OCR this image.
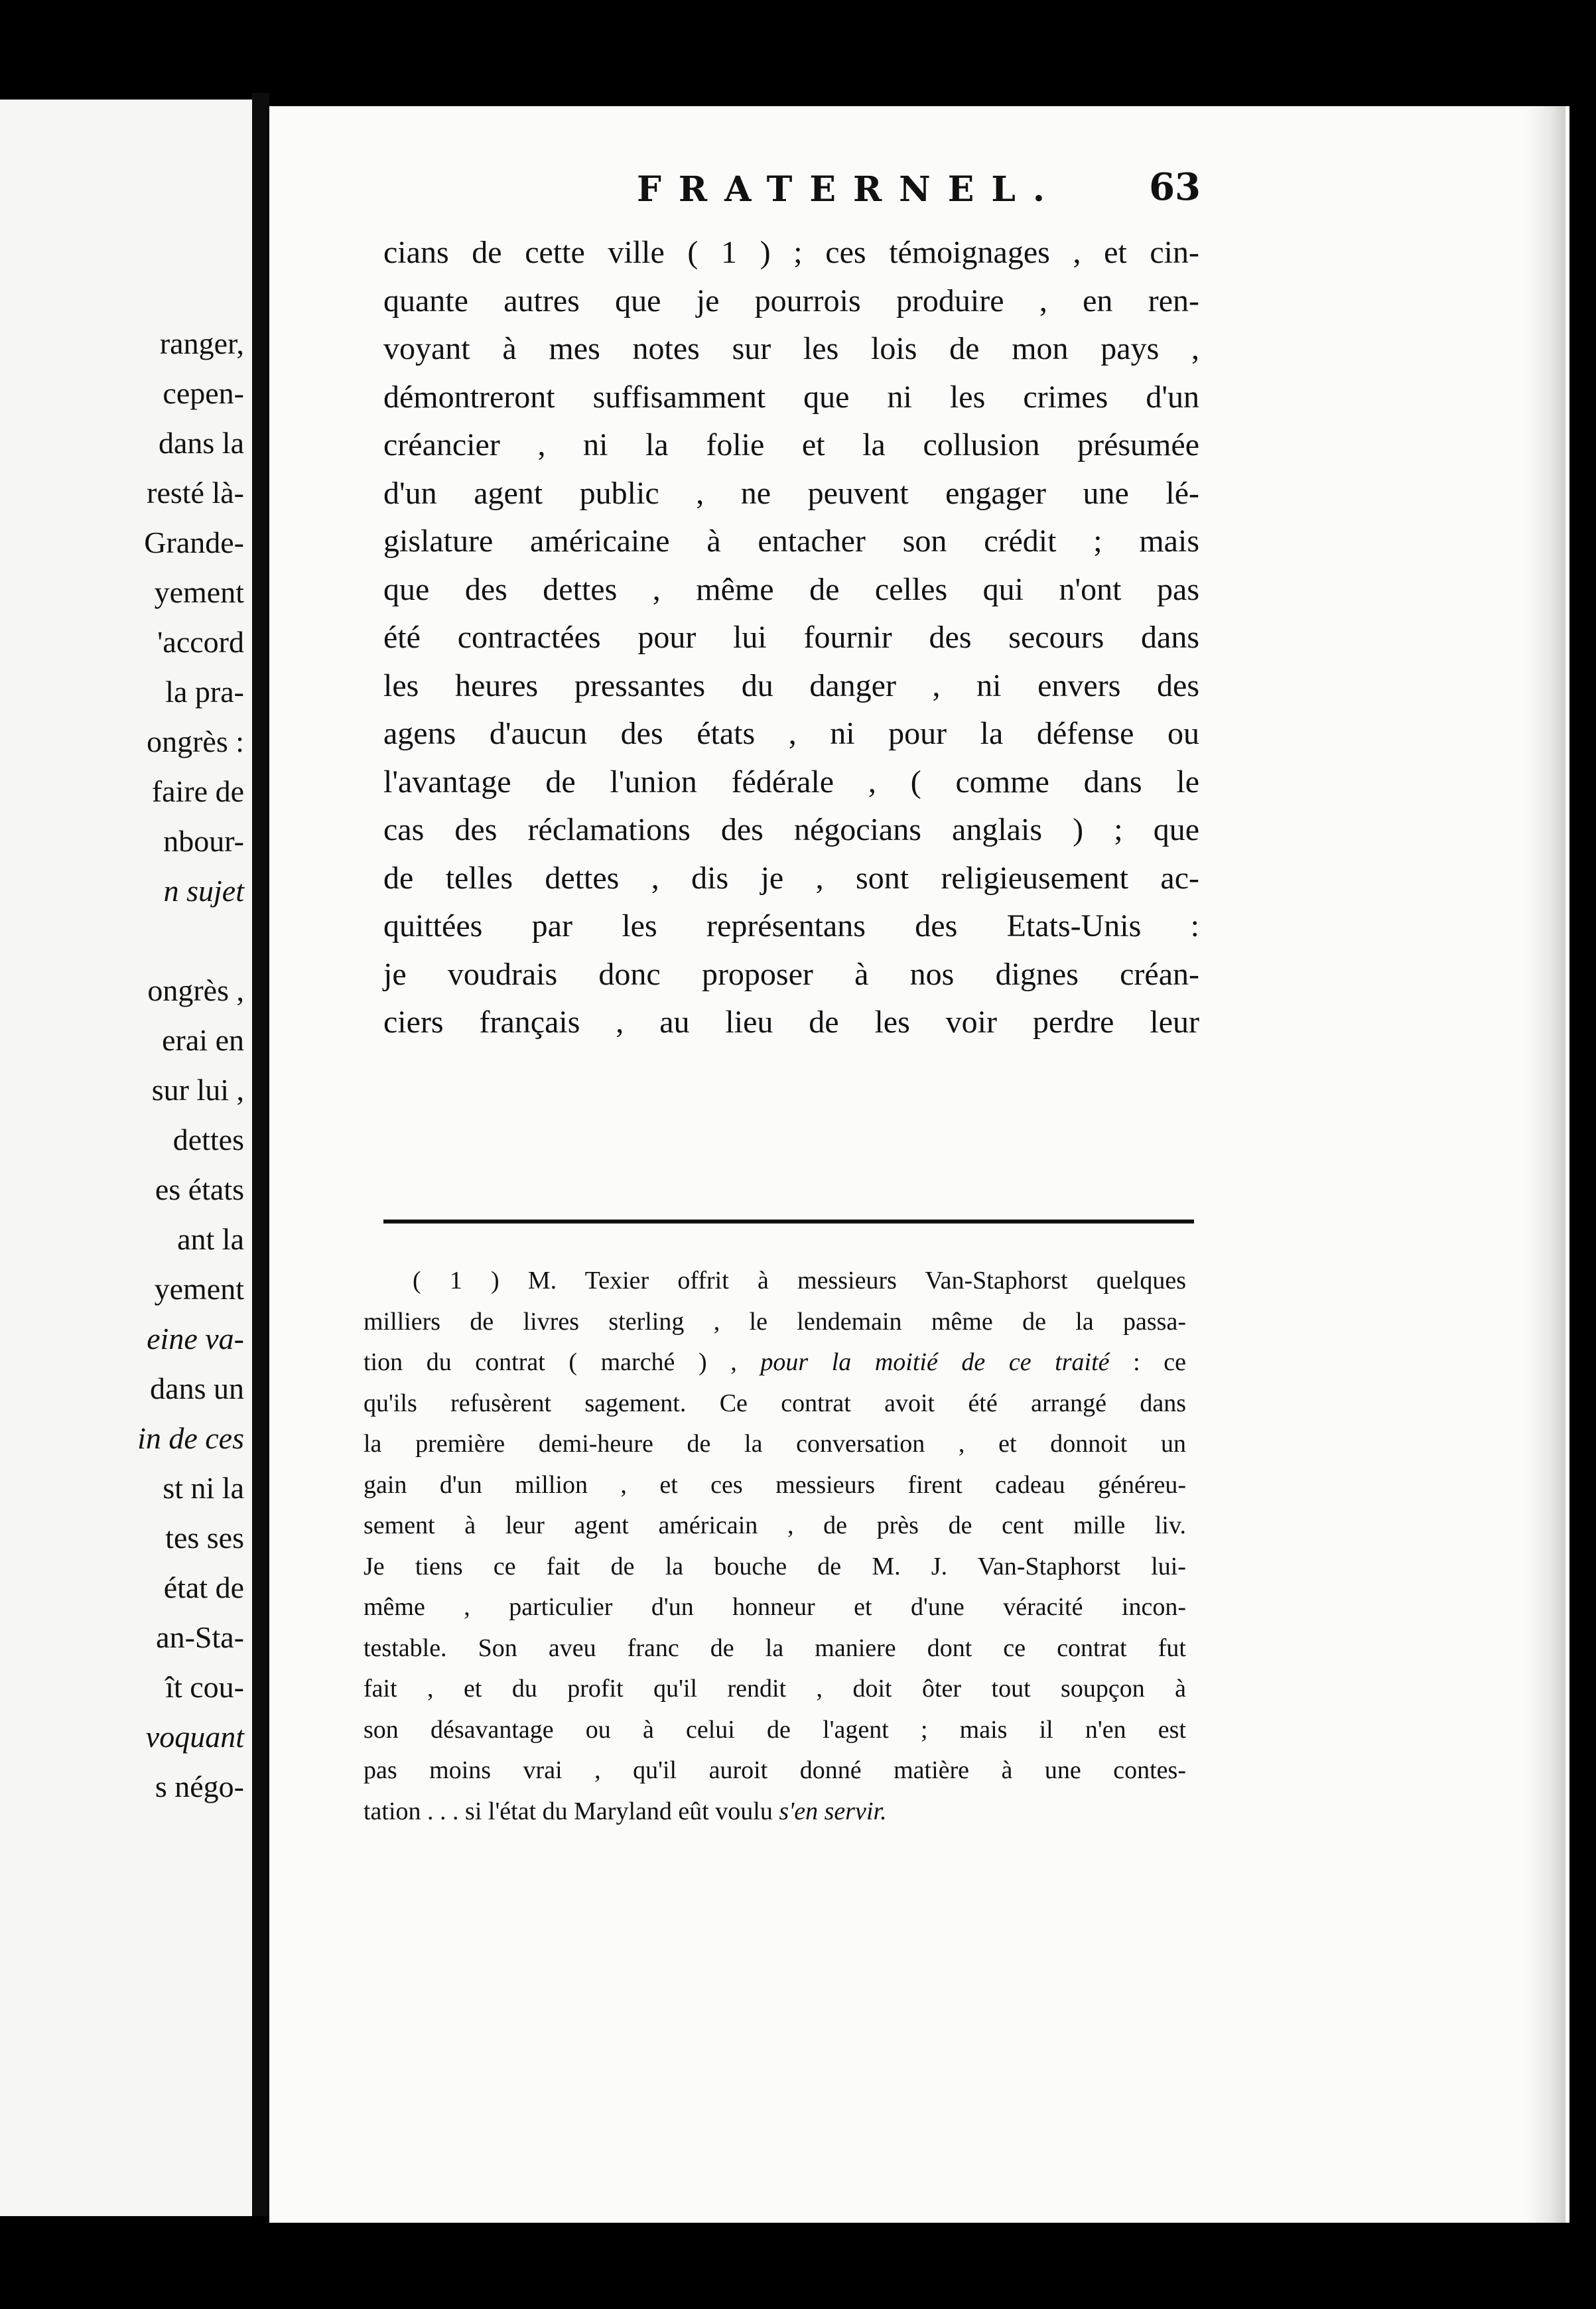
ranger,
cepen-
dans la
resté là-
Grande-
yement
'accord
la pra-
ongrès :
faire de
nbour-
n sujet

ongrès ,
erai en
sur lui ,
dettes
es états
ant la
yement
eine va-
dans un
in de ces
st ni la
tes ses
état de
an-Sta-
ît cou-
voquant
s négo-
FRATERNEL. 63
cians de cette ville ( 1 ) ; ces témoignages , et cin-
quante autres que je pourrois produire , en ren-
voyant à mes notes sur les lois de mon pays ,
démontreront suffisamment que ni les crimes d'un
créancier , ni la folie et la collusion présumée
d'un agent public , ne peuvent engager une lé-
gislature américaine à entacher son crédit ; mais
que des dettes , même de celles qui n'ont pas
été contractées pour lui fournir des secours dans
les heures pressantes du danger , ni envers des
agens d'aucun des états , ni pour la défense ou
l'avantage de l'union fédérale , ( comme dans le
cas des réclamations des négocians anglais ) ; que
de telles dettes , dis je , sont religieusement ac-
quittées par les représentans des Etats-Unis :
je voudrais donc proposer à nos dignes créan-
ciers français , au lieu de les voir perdre leur
( 1 ) M. Texier offrit à messieurs Van-Staphorst quelques
milliers de livres sterling , le lendemain même de la passa-
tion du contrat ( marché ) , pour la moitié de ce traité : ce
qu'ils refusèrent sagement. Ce contrat avoit été arrangé dans
la première demi-heure de la conversation , et donnoit un
gain d'un million , et ces messieurs firent cadeau généreu-
sement à leur agent américain , de près de cent mille liv.
Je tiens ce fait de la bouche de M. J. Van-Staphorst lui-
même , particulier d'un honneur et d'une véracité incon-
testable. Son aveu franc de la maniere dont ce contrat fut
fait , et du profit qu'il rendit , doit ôter tout soupçon à
son désavantage ou à celui de l'agent ; mais il n'en est
pas moins vrai , qu'il auroit donné matière à une contes-
tation . . . si l'état du Maryland eût voulu s'en servir.
